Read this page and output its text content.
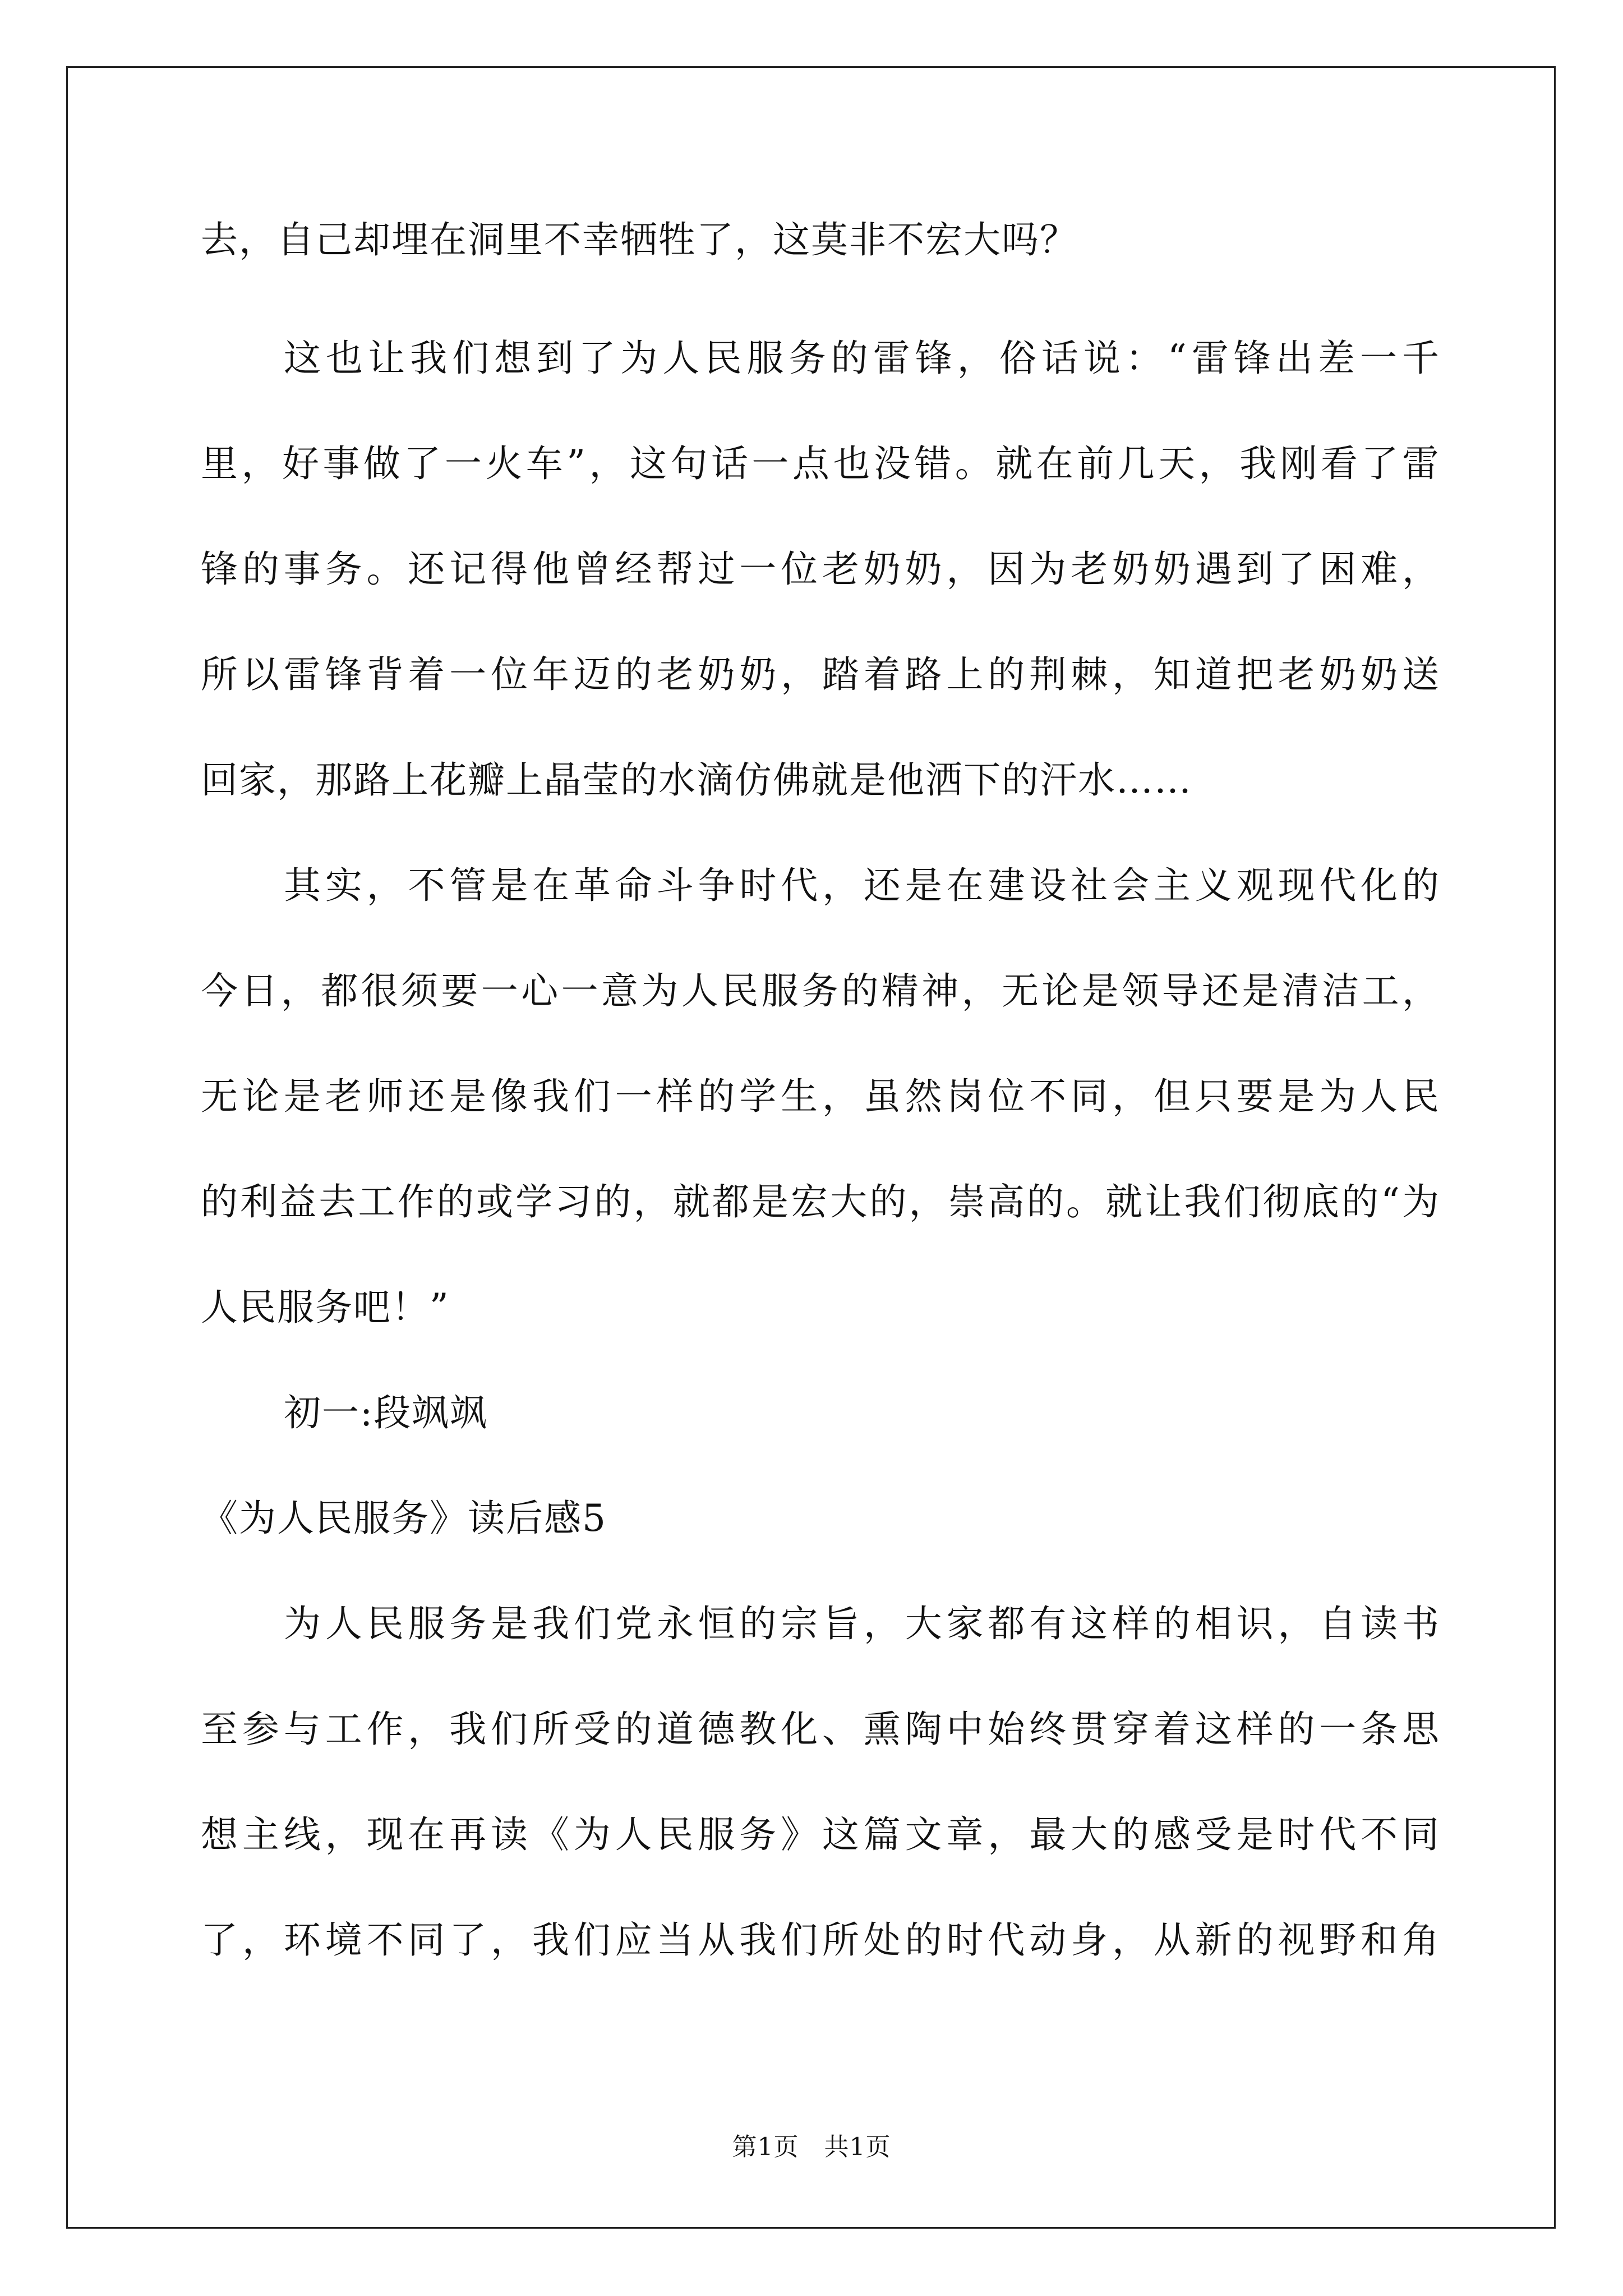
去，自己却埋在洞里不幸牺牲了，这莫非不宏大吗？
这也让我们想到了为人民服务的雷锋，俗话说：“雷锋出差一千
里，好事做了一火车”，这句话一点也没错。就在前几天，我刚看了雷
锋的事务。还记得他曾经帮过一位老奶奶，因为老奶奶遇到了困难，
所以雷锋背着一位年迈的老奶奶，踏着路上的荆棘，知道把老奶奶送
回家，那路上花瓣上晶莹的水滴仿佛就是他洒下的汗水……
其实，不管是在革命斗争时代，还是在建设社会主义观现代化的
今日，都很须要一心一意为人民服务的精神，无论是领导还是清洁工，
无论是老师还是像我们一样的学生，虽然岗位不同，但只要是为人民
的利益去工作的或学习的，就都是宏大的，崇高的。就让我们彻底的“为
人民服务吧！”
初一:段飒飒
《为人民服务》读后感5
为人民服务是我们党永恒的宗旨，大家都有这样的相识，自读书
至参与工作，我们所受的道德教化、熏陶中始终贯穿着这样的一条思
想主线，现在再读《为人民服务》这篇文章，最大的感受是时代不同
了，环境不同了，我们应当从我们所处的时代动身，从新的视野和角
第1页　共1页
